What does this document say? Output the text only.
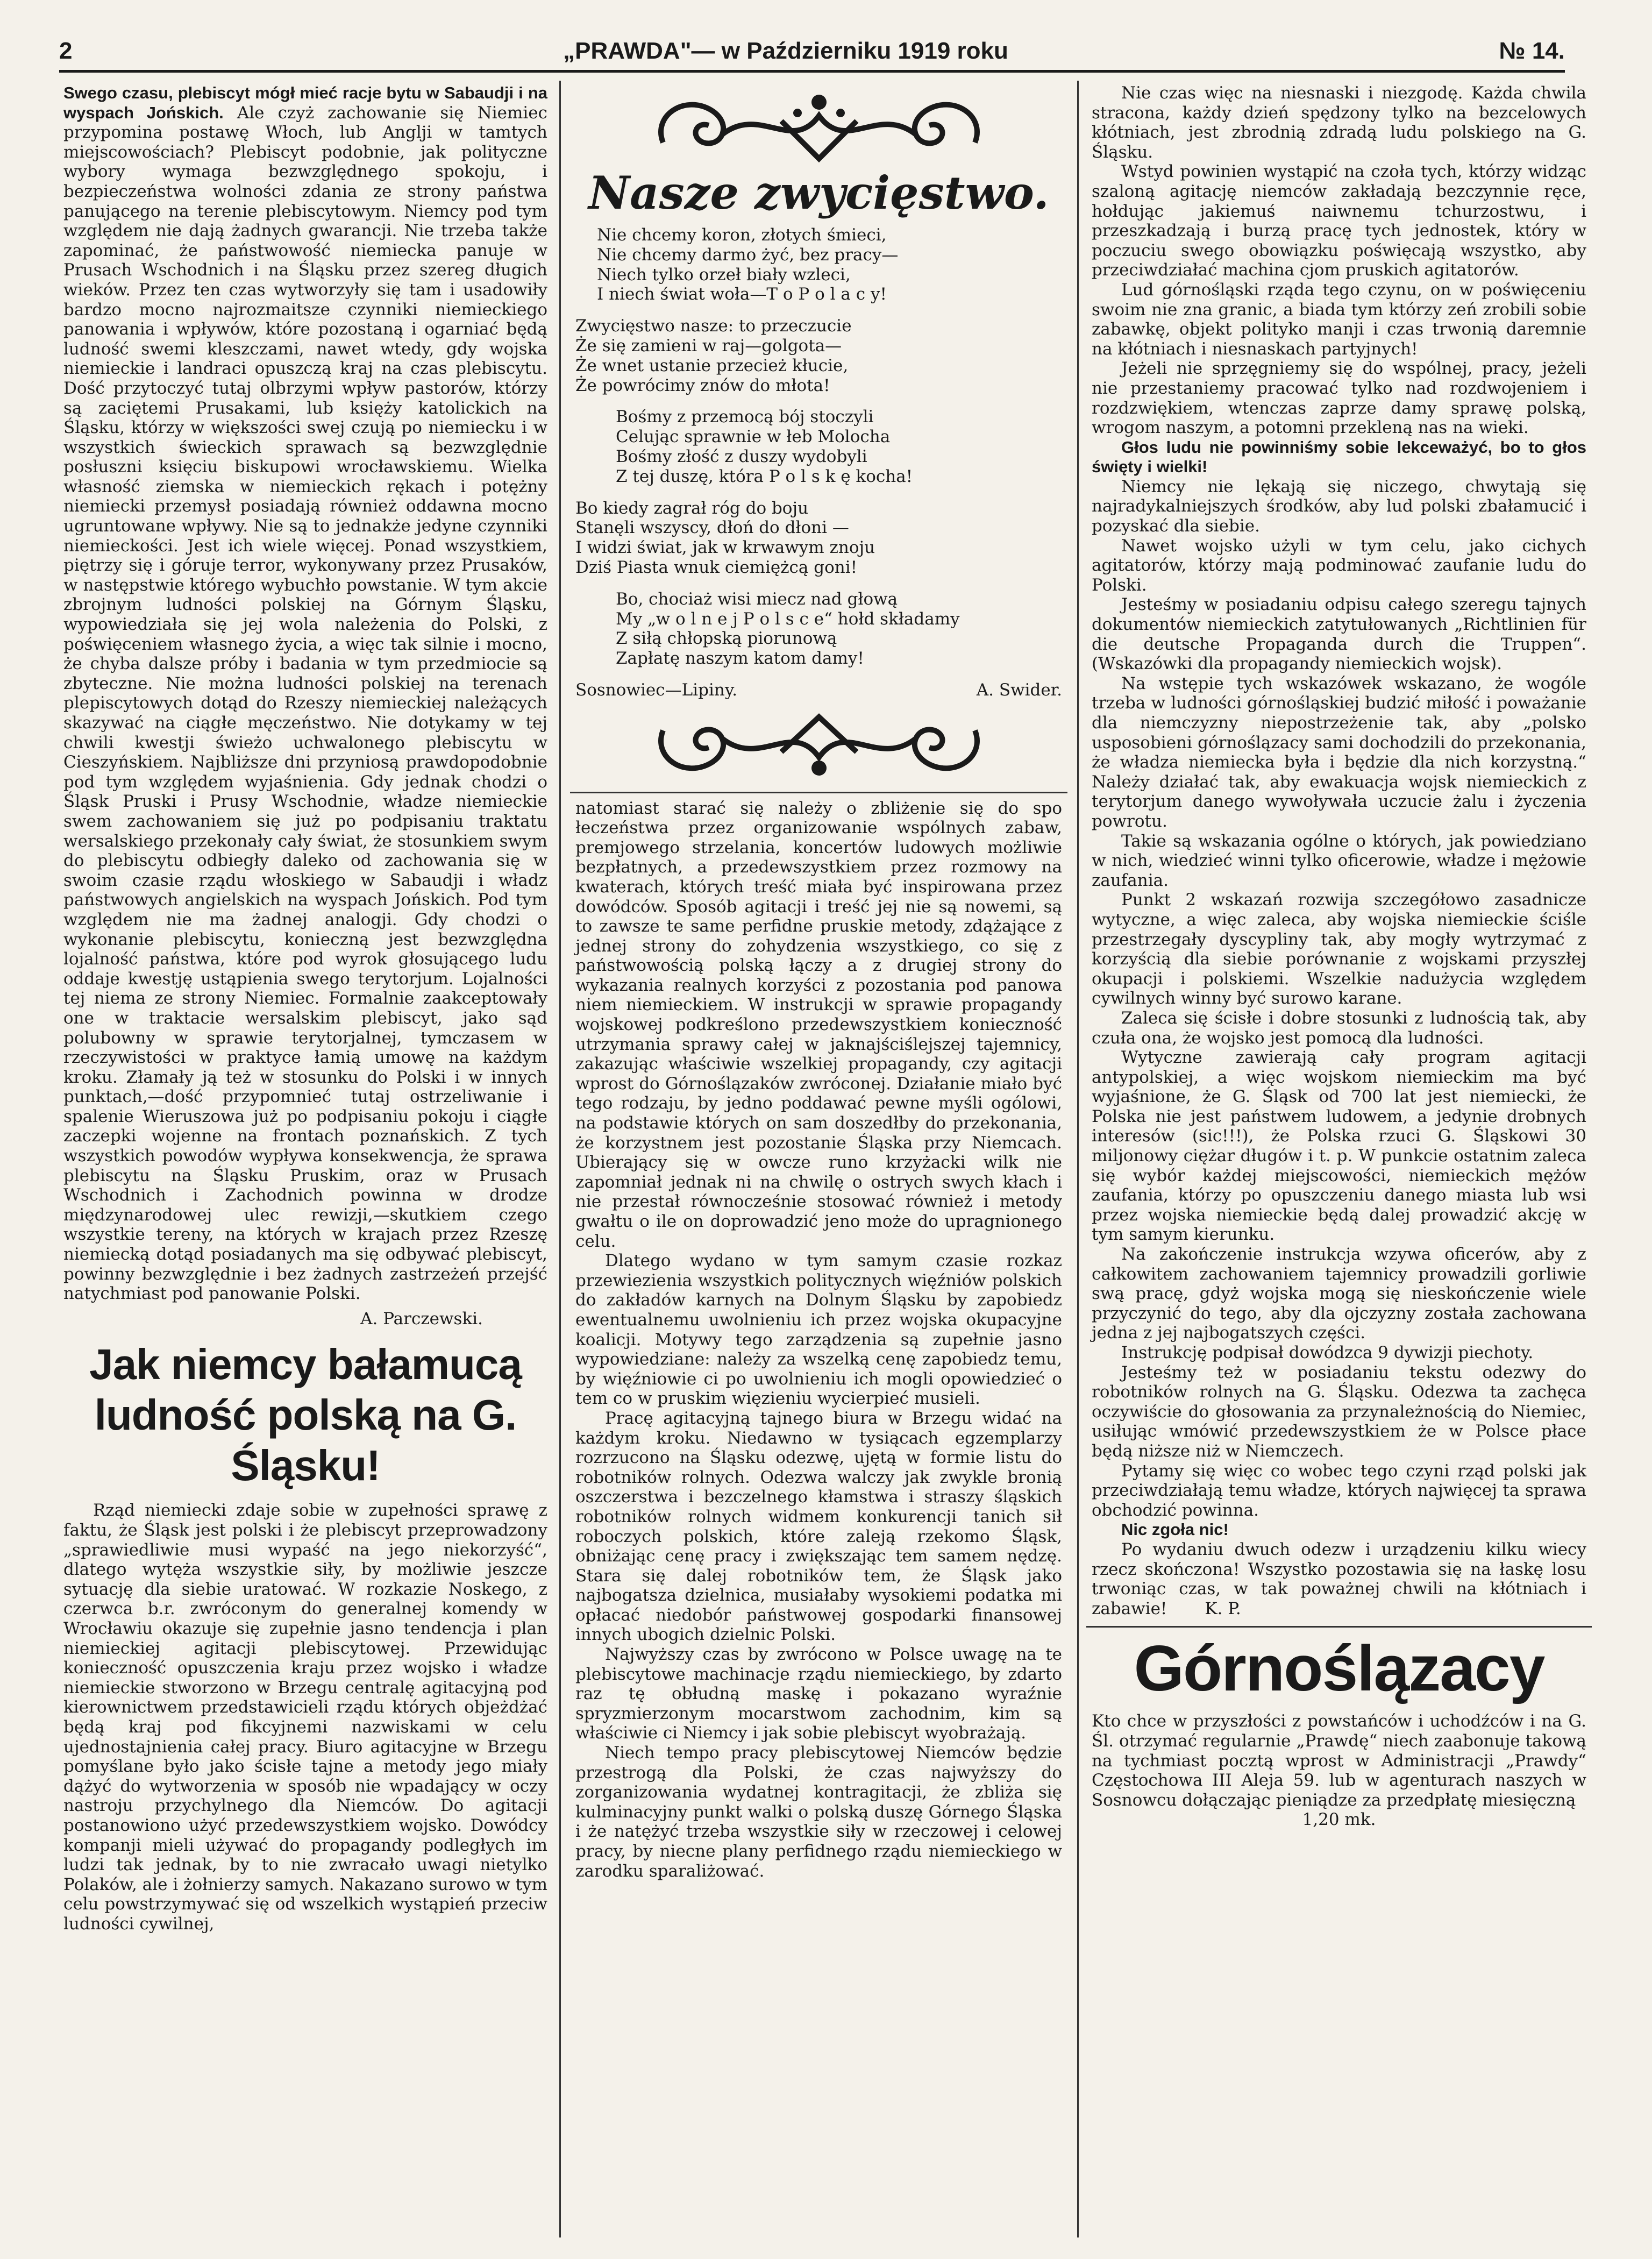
2	„PRAWDA"— w Październiku 1919 roku	№ 14.

Swego czasu, plebiscyt mógł mieć racje bytu w Sabaudji i na wyspach Jońskich. Ale czyż zachowanie się Niemiec przypomina postawę Włoch, lub Anglji w tamtych miejscowościach? Plebiscyt podobnie, jak polityczne wybory wymaga bezwzględnego spokoju, i bezpieczeństwa wolności zdania ze strony państwa panującego na terenie plebiscytowym. Niemcy pod tym względem nie dają żadnych gwarancji. Nie trzeba także zapominać, że państwowość niemiecka panuje w Prusach Wschodnich i na Śląsku przez szereg długich wieków. Przez ten czas wytworzyły się tam i usadowiły bardzo mocno najrozmaitsze czynniki niemieckiego panowania i wpływów, które pozostaną i ogarniać będą ludność swemi kleszczami, nawet wtedy, gdy wojska niemieckie i landraci opuszczą kraj na czas plebiscytu. Dość przytoczyć tutaj olbrzymi wpływ pastorów, którzy są zaciętemi Prusakami, lub księży katolickich na Śląsku, którzy w większości swej czują po niemiecku i w wszystkich świeckich sprawach są bezwzględnie posłuszni księciu biskupowi wrocławskiemu. Wielka własność ziemska w niemieckich rękach i potężny niemiecki przemysł posiadają również oddawna mocno ugruntowane wpływy. Nie są to jednakże jedyne czynniki niemieckości. Jest ich wiele więcej. Ponad wszystkiem, piętrzy się i góruje terror, wykonywany przez Prusaków, w następstwie którego wybuchło powstanie. W tym akcie zbrojnym ludności polskiej na Górnym Śląsku, wypowiedziała się jej wola należenia do Polski, z poświęceniem własnego życia, a więc tak silnie i mocno, że chyba dalsze próby i badania w tym przedmiocie są zbyteczne. Nie można ludności polskiej na terenach plepiscytowych dotąd do Rzeszy niemieckiej należących skazywać na ciągłe męczeństwo. Nie dotykamy w tej chwili kwestji świeżo uchwalonego plebiscytu w Cieszyńskiem. Najbliższe dni przyniosą prawdopodobnie pod tym względem wyjaśnienia. Gdy jednak chodzi o Śląsk Pruski i Prusy Wschodnie, władze niemieckie swem zachowaniem się już po podpisaniu traktatu wersalskiego przekonały cały świat, że stosunkiem swym do plebiscytu odbiegły daleko od zachowania się w swoim czasie rządu włoskiego w Sabaudji i władz państwowych angielskich na wyspach Jońskich. Pod tym względem nie ma żadnej analogji. Gdy chodzi o wykonanie plebiscytu, konieczną jest bezwzględna lojalność państwa, które pod wyrok głosującego ludu oddaje kwestję ustąpienia swego terytorjum. Lojalności tej niema ze strony Niemiec. Formalnie zaakceptowały one w traktacie wersalskim plebiscyt, jako sąd polubowny w sprawie terytorjalnej, tymczasem w rzeczywistości w praktyce łamią umowę na każdym kroku. Złamały ją też w stosunku do Polski i w innych punktach,—dość przypomnieć tutaj ostrzeliwanie i spalenie Wieruszowa już po podpisaniu pokoju i ciągłe zaczepki wojenne na frontach poznańskich. Z tych wszystkich powodów wypływa konsekwencja, że sprawa plebiscytu na Śląsku Pruskim, oraz w Prusach Wschodnich i Zachodnich powinna w drodze międzynarodowej ulec rewizji,—skutkiem czego wszystkie tereny, na których w krajach przez Rzeszę niemiecką dotąd posiadanych ma się odbywać plebiscyt, powinny bezwzględnie i bez żadnych zastrzeżeń przejść natychmiast pod panowanie Polski.

A. Parczewski.

Jak niemcy bałamucą ludność polską na G. Śląsku!

Rząd niemiecki zdaje sobie w zupełności sprawę z faktu, że Śląsk jest polski i że plebiscyt przeprowadzony „sprawiedliwie musi wypaść na jego niekorzyść“, dlatego wytęża wszystkie siły, by możliwie jeszcze sytuację dla siebie uratować. W rozkazie Noskego, z czerwca b.r. zwróconym do generalnej komendy w Wrocławiu okazuje się zupełnie jasno tendencja i plan niemieckiej agitacji plebiscytowej. Przewidując konieczność opuszczenia kraju przez wojsko i władze niemieckie stworzono w Brzegu centralę agitacyjną pod kierownictwem przedstawicieli rządu których objeżdżać będą kraj pod fikcyjnemi nazwiskami w celu ujednostajnienia całej pracy. Biuro agitacyjne w Brzegu pomyślane było jako ścisłe tajne a metody jego miały dążyć do wytworzenia w sposób nie wpadający w oczy nastroju przychylnego dla Niemców. Do agitacji postanowiono użyć przedewszystkiem wojsko. Dowódcy kompanji mieli używać do propagandy podległych im ludzi tak jednak, by to nie zwracało uwagi nietylko Polaków, ale i żołnierzy samych. Nakazano surowo w tym celu powstrzymywać się od wszelkich wystąpień przeciw ludności cywilnej,

Nasze zwycięstwo.
Nie chcemy koron, złotych śmieci,
Nie chcemy darmo żyć, bez pracy—
Niech tylko orzeł biały wzleci,
I niech świat woła—T o P o l a c y!
Zwycięstwo nasze: to przeczucie
Że się zamieni w raj—golgota—
Że wnet ustanie przecież kłucie,
Że powrócimy znów do młota!
Bośmy z przemocą bój stoczyli
Celując sprawnie w łeb Molocha
Bośmy złość z duszy wydobyli
Z tej duszę, która P o l s k ę kocha!
Bo kiedy zagrał róg do boju
Stanęli wszyscy, dłoń do dłoni —
I widzi świat, jak w krwawym znoju
Dziś Piasta wnuk ciemiężcą goni!
Bo, chociaż wisi miecz nad głową
My „w o l n e j P o l s c e“ hołd składamy
Z siłą chłopską piorunową
Zapłatę naszym katom damy!
Sosnowiec—Lipiny.	A. Swider.

natomiast starać się należy o zbliżenie się do spo łeczeństwa przez organizowanie wspólnych zabaw, premjowego strzelania, koncertów ludowych możliwie bezpłatnych, a przedewszystkiem przez rozmowy na kwaterach, których treść miała być inspirowana przez dowódców. Sposób agitacji i treść jej nie są nowemi, są to zawsze te same perfidne pruskie metody, zdążające z jednej strony do zohydzenia wszystkiego, co się z państwowością polską łączy a z drugiej strony do wykazania realnych korzyści z pozostania pod panowa niem niemieckiem. W instrukcji w sprawie propagandy wojskowej podkreślono przedewszystkiem konieczność utrzymania sprawy całej w jaknajściślejszej tajemnicy, zakazując właściwie wszelkiej propagandy, czy agitacji wprost do Górnoślązaków zwróconej. Działanie miało być tego rodzaju, by jedno poddawać pewne myśli ogólowi, na podstawie których on sam doszedłby do przekonania, że korzystnem jest pozostanie Śląska przy Niemcach. Ubierający się w owcze runo krzyżacki wilk nie zapomniał jednak ni na chwilę o ostrych swych kłach i nie przestał równocześnie stosować również i metody gwałtu o ile on doprowadzić jeno może do upragnionego celu.

Dlatego wydano w tym samym czasie rozkaz przewiezienia wszystkich politycznych więźniów polskich do zakładów karnych na Dolnym Śląsku by zapobiedz ewentualnemu uwolnieniu ich przez wojska okupacyjne koalicji. Motywy tego zarządzenia są zupełnie jasno wypowiedziane: należy za wszelką cenę zapobiedz temu, by więźniowie ci po uwolnieniu ich mogli opowiedzieć o tem co w pruskim więzieniu wycierpieć musieli.

Pracę agitacyjną tajnego biura w Brzegu widać na każdym kroku. Niedawno w tysiącach egzemplarzy rozrzucono na Śląsku odezwę, ujętą w formie listu do robotników rolnych. Odezwa walczy jak zwykle bronią oszczerstwa i bezczelnego kłamstwa i straszy śląskich robotników rolnych widmem konkurencji tanich sił roboczych polskich, które zaleją rzekomo Śląsk, obniżając cenę pracy i zwiększając tem samem nędzę. Stara się dalej robotników tem, że Śląsk jako najbogatsza dzielnica, musiałaby wysokiemi podatka mi opłacać niedobór państwowej gospodarki finansowej innych ubogich dzielnic Polski.

Najwyższy czas by zwrócono w Polsce uwagę na te plebiscytowe machinacje rządu niemieckiego, by zdarto raz tę obłudną maskę i pokazano wyraźnie spryzmierzonym mocarstwom zachodnim, kim są właściwie ci Niemcy i jak sobie plebiscyt wyobrażają.

Niech tempo pracy plebiscytowej Niemców będzie przestrogą dla Polski, że czas najwyższy do zorganizowania wydatnej kontragitacji, że zbliża się kulminacyjny punkt walki o polską duszę Górnego Śląska i że natężyć trzeba wszystkie siły w rzeczowej i celowej pracy, by niecne plany perfidnego rządu niemieckiego w zarodku sparaliżować.

Nie czas więc na niesnaski i niezgodę. Każda chwila stracona, każdy dzień spędzony tylko na bezcelowych kłótniach, jest zbrodnią zdradą ludu polskiego na G. Śląsku.

Wstyd powinien wystąpić na czoła tych, którzy widząc szaloną agitację niemców zakładają bezczynnie ręce, hołdując jakiemuś naiwnemu tchurzostwu, i przeszkadzają i burzą pracę tych jednostek, który w poczuciu swego obowiązku poświęcają wszystko, aby przeciwdziałać machina cjom pruskich agitatorów.

Lud górnośląski rządа tego czynu, on w poświęceniu swoim nie zna granic, a biada tym którzy zeń zrobili sobie zabawkę, objekt polityko manji i czas trwonią daremnie na kłótniach i niesnaskach partyjnych!

Jeżeli nie sprzęgniemy się do wspólnej, pracy, jeżeli nie przestaniemy pracować tylko nad rozdwojeniem i rozdzwiękiem, wtenczas zaprze damy sprawę polską, wrogom naszym, a potomni przekleną nas na wieki.

Głos ludu nie powinniśmy sobie lekceważyć, bo to głos święty i wielki!

Niemcy nie lękają się niczego, chwytają się najradykalniejszych środków, aby lud polski zbałamucić i pozyskać dla siebie.

Nawet wojsko użyli w tym celu, jako cichych agitatorów, którzy mają podminować zaufanie ludu do Polski.

Jesteśmy w posiadaniu odpisu całego szeregu tajnych dokumentów niemieckich zatytułowanych „Richtlinien für die deutsche Propaganda durch die Truppen“. (Wskazówki dla propagandy niemieckich wojsk).

Na wstępie tych wskazówek wskazano, że wogóle trzeba w ludności górnośląskiej budzić miłość i poważanie dla niemczyzny niepostrzeżenie tak, aby „polsko usposobieni górnoślązacy sami dochodzili do przekonania, że władza niemiecka była i będzie dla nich korzystną.“ Należy działać tak, aby ewakuacja wojsk niemieckich z terytorjum danego wywoływała uczucie żalu i życzenia powrotu.

Takie są wskazania ogólne o których, jak powiedziano w nich, wiedzieć winni tylko oficerowie, władze i mężowie zaufania.

Punkt 2 wskazań rozwija szczegółowo zasadnicze wytyczne, a więc zaleca, aby wojska niemieckie ściśle przestrzegały dyscypliny tak, aby mogły wytrzymać z korzyścią dla siebie porównanie z wojskami przyszłej okupacji i polskiemi. Wszelkie nadużycia względem cywilnych winny być surowo karane.

Zaleca się ścisłe i dobre stosunki z ludnością tak, aby czuła ona, że wojsko jest pomocą dla ludności.

Wytyczne zawierają cały program agitacji antypolskiej, a więc wojskom niemieckim ma być wyjaśnione, że G. Śląsk od 700 lat jest niemiecki, że Polska nie jest państwem ludowem, a jedynie drobnych interesów (sic!!!), że Polska rzuci G. Śląskowi 30 miljonowy ciężar długów i t. p. W punkcie ostatnim zaleca się wybór każdej miejscowości, niemieckich mężów zaufania, którzy po opuszczeniu danego miasta lub wsi przez wojska niemieckie będą dalej prowadzić akcję w tym samym kierunku.

Na zakończenie instrukcja wzywa oficerów, aby z całkowitem zachowaniem tajemnicy prowadzili gorliwie swą pracę, gdyż wojska mogą się nieskończenie wiele przyczynić do tego, aby dla ojczyzny została zachowana jedna z jej najbogatszych części.

Instrukcję podpisał dowódzca 9 dywizji piechoty.

Jesteśmy też w posiadaniu tekstu odezwy do robotników rolnych na G. Śląsku. Odezwa ta zachęca oczywiście do głosowania za przynależnością do Niemiec, usiłując wmówić przedewszystkiem że w Polsce płace będą niższe niż w Niemczech.

Pytamy się więc co wobec tego czyni rząd polski jak przeciwdziałają temu władze, których najwięcej ta sprawa obchodzić powinna.

Nic zgoła nic!

Po wydaniu dwuch odezw i urządzeniu kilku wiecy rzecz skończona! Wszystko pozostawia się na łaskę losu trwoniąc czas, w tak poważnej chwili na kłótniach i zabawie! K. P.

Górnoślązacy

Kto chce w przyszłości z powstańców i uchodźców i na G. Śl. otrzymać regularnie „Prawdę“ niech zaabonuje takową na tychmiast pocztą wprost w Administracji „Prawdy“ Częstochowa III Aleja 59. lub w agenturach naszych w Sosnowcu dołączając pieniądze za przedpłatę miesięczną

1,20 mk.
